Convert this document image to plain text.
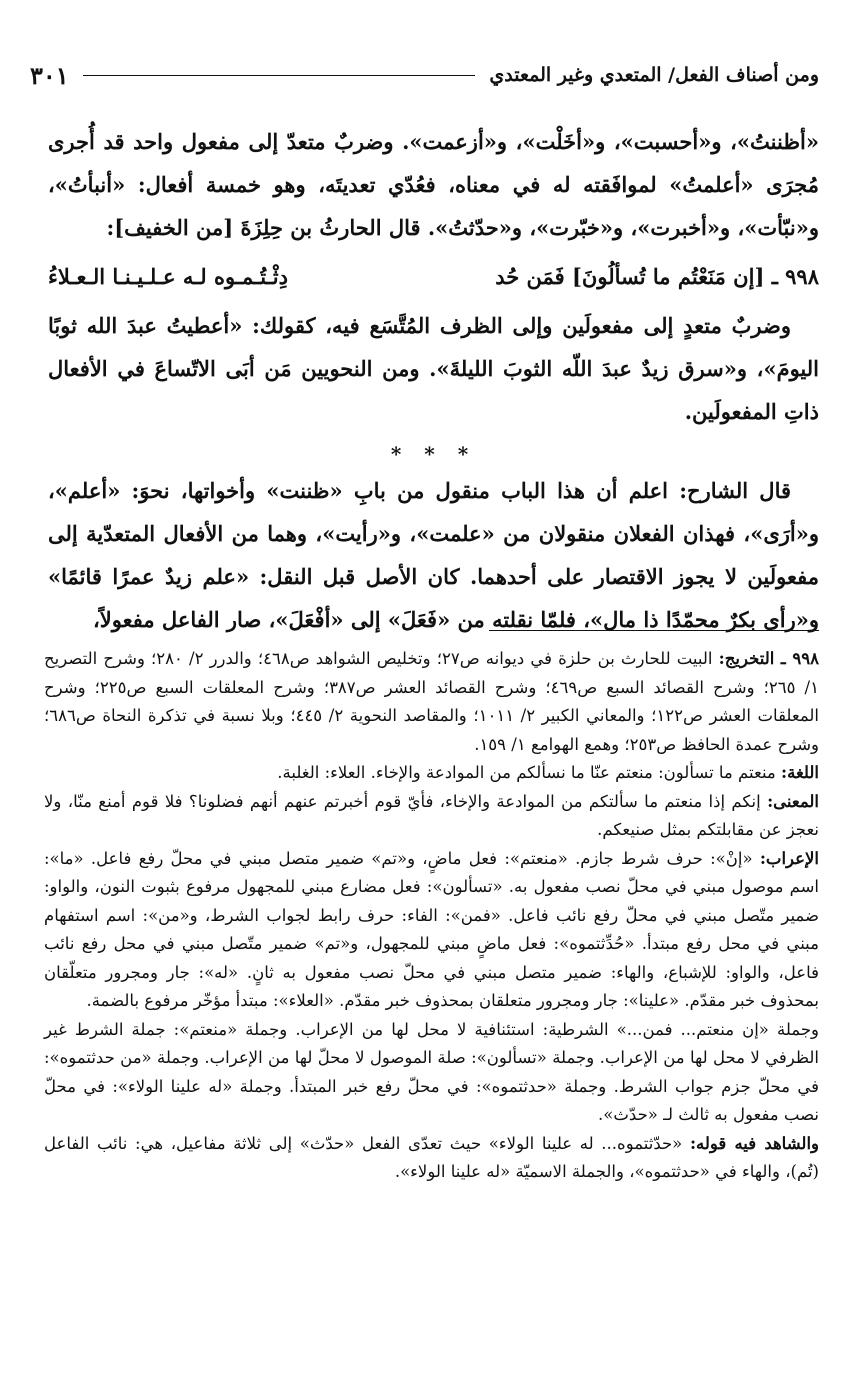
ومن أصناف الفعل/ المتعدي وغير المعتدي
٣٠١

«أظننتُ»، و«أحسبت»، و«أخَلْت»، و«أزعمت». وضربٌ متعدّ إلى مفعول واحد قد أُجرى مُجرَى «أعلمتُ» لموافَقته له في معناه، فعُدّي تعديتَه، وهو خمسة أفعال: «أنبأتُ»، و«نبّأت»، و«أخبرت»، و«خبّرت»، و«حدّثتُ». قال الحارثُ بن حِلِزَةَ [من الخفيف]:

٩٩٨ ـ [إن مَنَعْتُم ما تُسألُونَ] فَمَن حُد
دِثْـتُـمـوه لـه عـلـيـنـا الـعـلاءُ

وضربٌ متعدٍ إلى مفعولَين وإلى الظرف المُتَّسَع فيه، كقولك: «أعطيتُ عبدَ الله ثوبًا اليومَ»، و«سرق زيدٌ عبدَ اللّه الثوبَ الليلةَ». ومن النحويين مَن أبَى الاتّساعَ في الأفعال ذاتِ المفعولَين.

* * *

قال الشارح: اعلم أن هذا الباب منقول من بابِ «ظننت» وأخواتها، نحوَ: «أعلم»، و«أرَى»، فهذان الفعلان منقولان من «علمت»، و«رأيت»، وهما من الأفعال المتعدّية إلى مفعولَين لا يجوز الاقتصار على أحدهما. كان الأصل قبل النقل: «علم زيدٌ عمرًا قائمًا» و«رأى بكرٌ محمّدًا ذا مال»، فلمّا نقلته من «فَعَلَ» إلى «أفْعَلَ»، صار الفاعل مفعولاً،

٩٩٨ ـ التخريج: البيت للحارث بن حلزة في ديوانه ص٢٧؛ وتخليص الشواهد ص٤٦٨؛ والدرر ٢/ ٢٨٠؛ وشرح التصريح ١/ ٢٦٥؛ وشرح القصائد السبع ص٤٦٩؛ وشرح القصائد العشر ص٣٨٧؛ وشرح المعلقات السبع ص٢٢٥؛ وشرح المعلقات العشر ص١٢٢؛ والمعاني الكبير ٢/ ١٠١١؛ والمقاصد النحوية ٢/ ٤٤٥؛ وبلا نسبة في تذكرة النحاة ص٦٨٦؛ وشرح عمدة الحافظ ص٢٥٣؛ وهمع الهوامع ١/ ١٥٩.

اللغة: منعتم ما تسألون: منعتم عنّا ما نسألكم من الموادعة والإخاء. العلاء: الغلبة.

المعنى: إنكم إذا منعتم ما سألتكم من الموادعة والإخاء، فأيّ قوم أخبرتم عنهم أنهم فضلونا؟ فلا قوم أمنع منّا، ولا نعجز عن مقابلتكم بمثل صنيعكم.

الإعراب: «إنْ»: حرف شرط جازم. «منعتم»: فعل ماضٍ، و«تم» ضمير متصل مبني في محلّ رفع فاعل. «ما»: اسم موصول مبني في محلّ نصب مفعول به. «تسألون»: فعل مضارع مبني للمجهول مرفوع بثبوت النون، والواو: ضمير متّصل مبني في محلّ رفع نائب فاعل. «فمن»: الفاء: حرف رابط لجواب الشرط، و«من»: اسم استفهام مبني في محل رفع مبتدأ. «حُدِّثتموه»: فعل ماضٍ مبني للمجهول، و«تم» ضمير متّصل مبني في محل رفع نائب فاعل، والواو: للإشباع، والهاء: ضمير متصل مبني في محلّ نصب مفعول به ثانٍ. «له»: جار ومجرور متعلّقان بمحذوف خبر مقدّم. «علينا»: جار ومجرور متعلقان بمحذوف خبر مقدّم. «العلاء»: مبتدأ مؤخّر مرفوع بالضمة.

وجملة «إن منعتم... فمن...» الشرطية: استئنافية لا محل لها من الإعراب. وجملة «منعتم»: جملة الشرط غير الظرفي لا محل لها من الإعراب. وجملة «تسألون»: صلة الموصول لا محلّ لها من الإعراب. وجملة «من حدثتموه»: في محلّ جزم جواب الشرط. وجملة «حدثتموه»: في محلّ رفع خبر المبتدأ. وجملة «له علينا الولاء»: في محلّ نصب مفعول به ثالث لـ «حدّث».

والشاهد فيه قوله: «حدّثتموه... له علينا الولاء» حيث تعدّى الفعل «حدّث» إلى ثلاثة مفاعيل، هي: نائب الفاعل (تُم)، والهاء في «حدثتموه»، والجملة الاسميّة «له علينا الولاء».
